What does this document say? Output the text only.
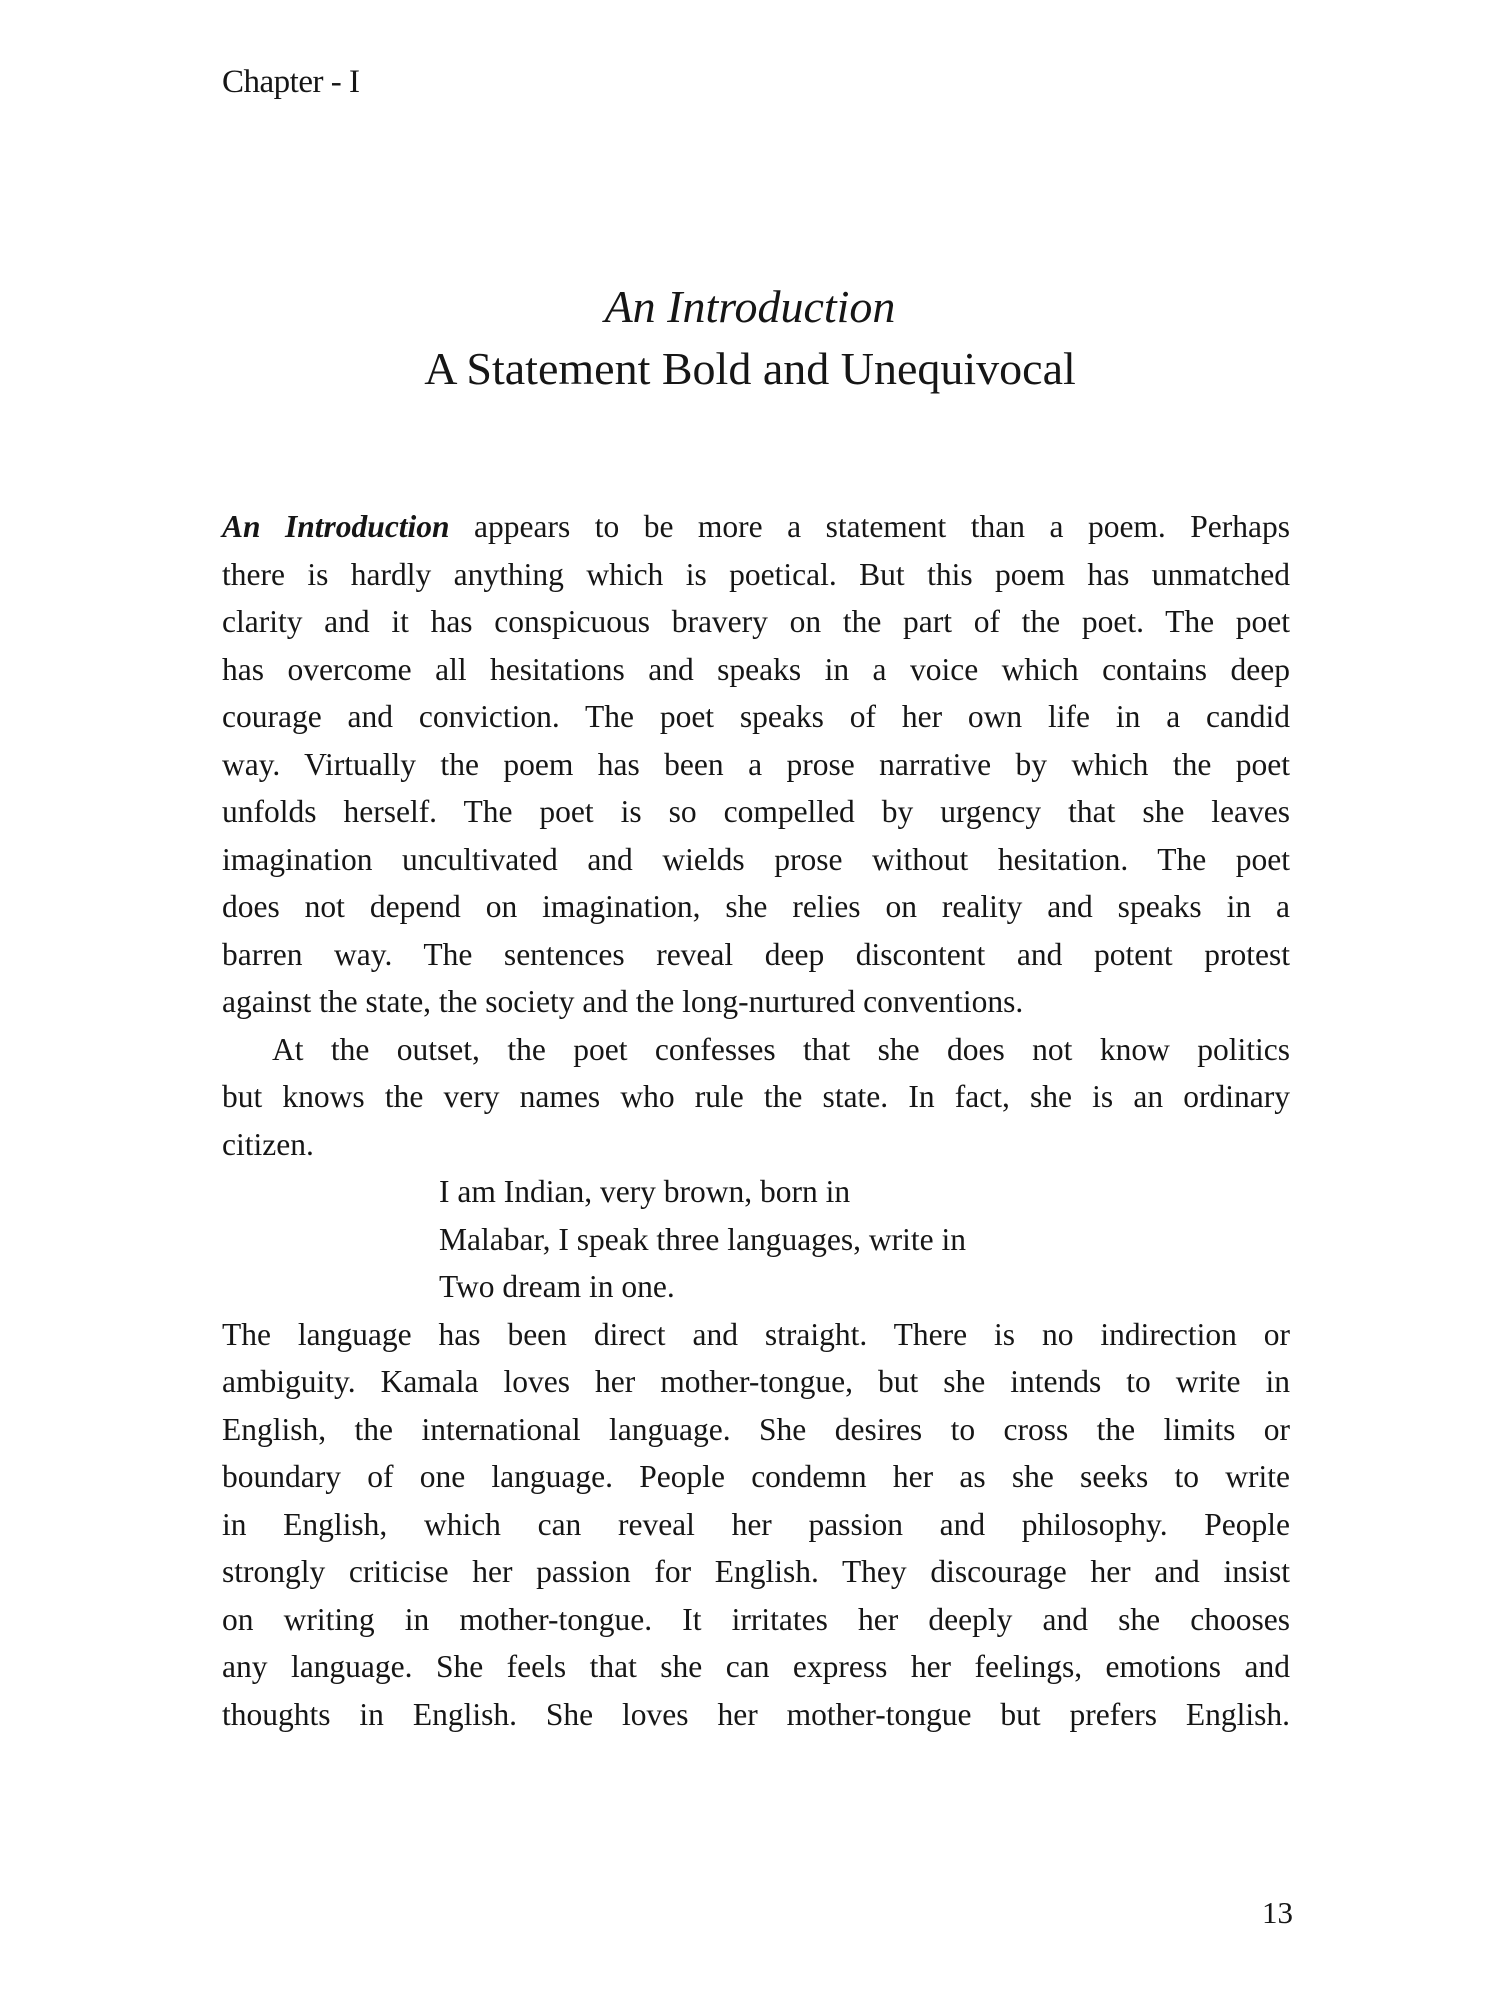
Chapter - I
An Introduction
A Statement Bold and Unequivocal
An Introduction appears to be more a statement than a poem. Perhaps
there is hardly anything which is poetical. But this poem has unmatched
clarity and it has conspicuous bravery on the part of the poet. The poet
has overcome all hesitations and speaks in a voice which contains deep
courage and conviction. The poet speaks of her own life in a candid
way. Virtually the poem has been a prose narrative by which the poet
unfolds herself. The poet is so compelled by urgency that she leaves
imagination uncultivated and wields prose without hesitation. The poet
does not depend on imagination, she relies on reality and speaks in a
barren way. The sentences reveal deep discontent and potent protest
against the state, the society and the long-nurtured conventions.
At the outset, the poet confesses that she does not know politics
but knows the very names who rule the state. In fact, she is an ordinary
citizen.
I am Indian, very brown, born in
Malabar, I speak three languages, write in
Two dream in one.
The language has been direct and straight. There is no indirection or
ambiguity. Kamala loves her mother-tongue, but she intends to write in
English, the international language. She desires to cross the limits or
boundary of one language. People condemn her as she seeks to write
in English, which can reveal her passion and philosophy. People
strongly criticise her passion for English. They discourage her and insist
on writing in mother-tongue. It irritates her deeply and she chooses
any language. She feels that she can express her feelings, emotions and
thoughts in English. She loves her mother-tongue but prefers English.
13
